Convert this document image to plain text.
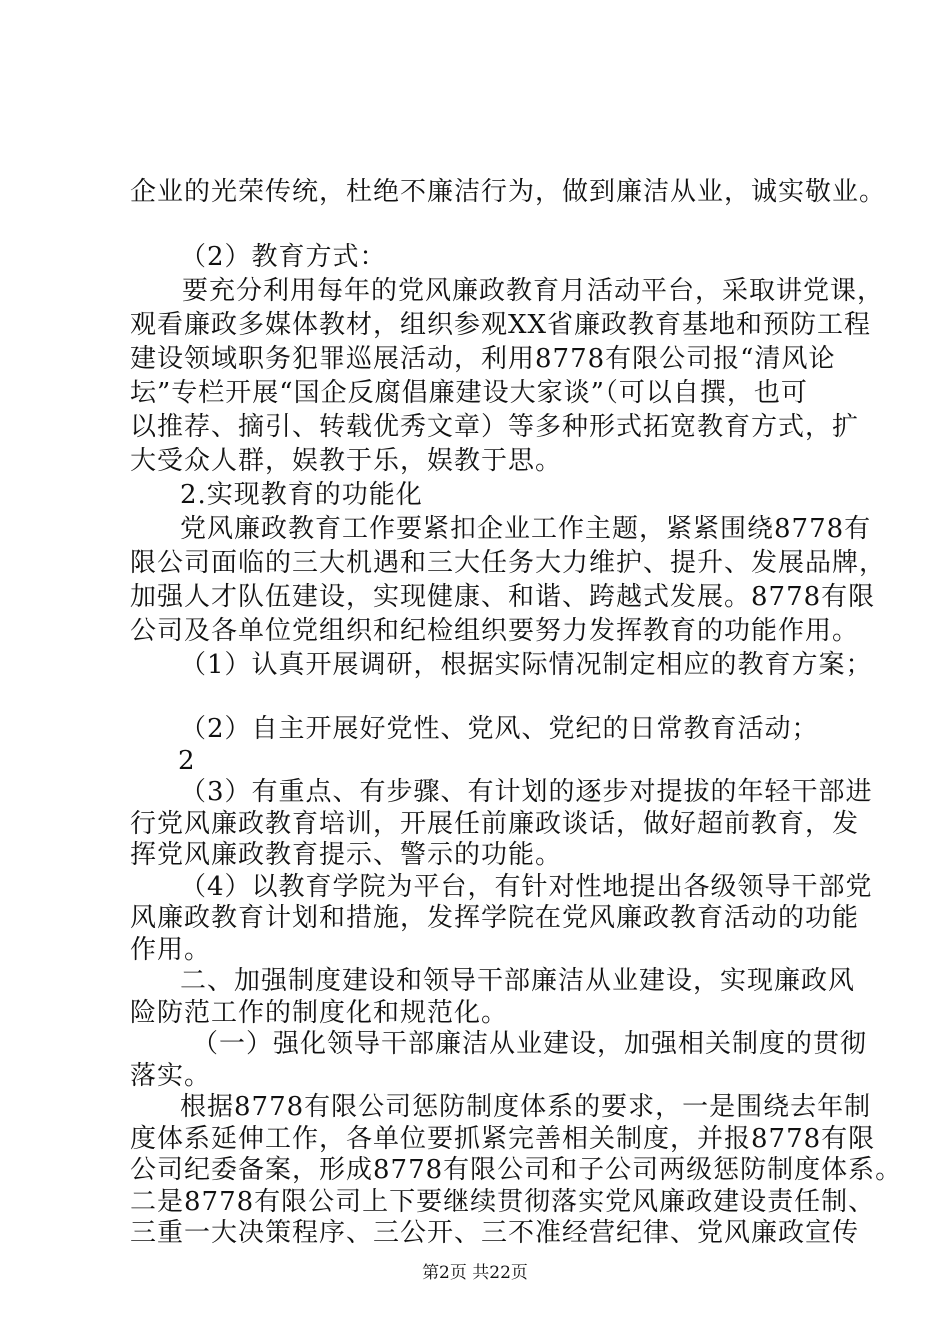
企业的光荣传统，杜绝不廉洁行为，做到廉洁从业，诚实敬业。
（2）教育方式：
要充分利用每年的党风廉政教育月活动平台，采取讲党课，
观看廉政多媒体教材，组织参观XX省廉政教育基地和预防工程
建设领域职务犯罪巡展活动，利用8778有限公司报“清风论
坛”专栏开展“国企反腐倡廉建设大家谈”（可以自撰，也可
以推荐、摘引、转载优秀文章）等多种形式拓宽教育方式，扩
大受众人群，娱教于乐，娱教于思。
2.实现教育的功能化
党风廉政教育工作要紧扣企业工作主题，紧紧围绕8778有
限公司面临的三大机遇和三大任务大力维护、提升、发展品牌，
加强人才队伍建设，实现健康、和谐、跨越式发展。8778有限
公司及各单位党组织和纪检组织要努力发挥教育的功能作用。
（1）认真开展调研，根据实际情况制定相应的教育方案；
（2）自主开展好党性、党风、党纪的日常教育活动；
2
（3）有重点、有步骤、有计划的逐步对提拔的年轻干部进
行党风廉政教育培训，开展任前廉政谈话，做好超前教育，发
挥党风廉政教育提示、警示的功能。
（4）以教育学院为平台，有针对性地提出各级领导干部党
风廉政教育计划和措施，发挥学院在党风廉政教育活动的功能
作用。
二、加强制度建设和领导干部廉洁从业建设，实现廉政风
险防范工作的制度化和规范化。
（一）强化领导干部廉洁从业建设，加强相关制度的贯彻
落实。
根据8778有限公司惩防制度体系的要求，一是围绕去年制
度体系延伸工作，各单位要抓紧完善相关制度，并报8778有限
公司纪委备案，形成8778有限公司和子公司两级惩防制度体系。
二是8778有限公司上下要继续贯彻落实党风廉政建设责任制、
三重一大决策程序、三公开、三不准经营纪律、党风廉政宣传
第2页 共22页
